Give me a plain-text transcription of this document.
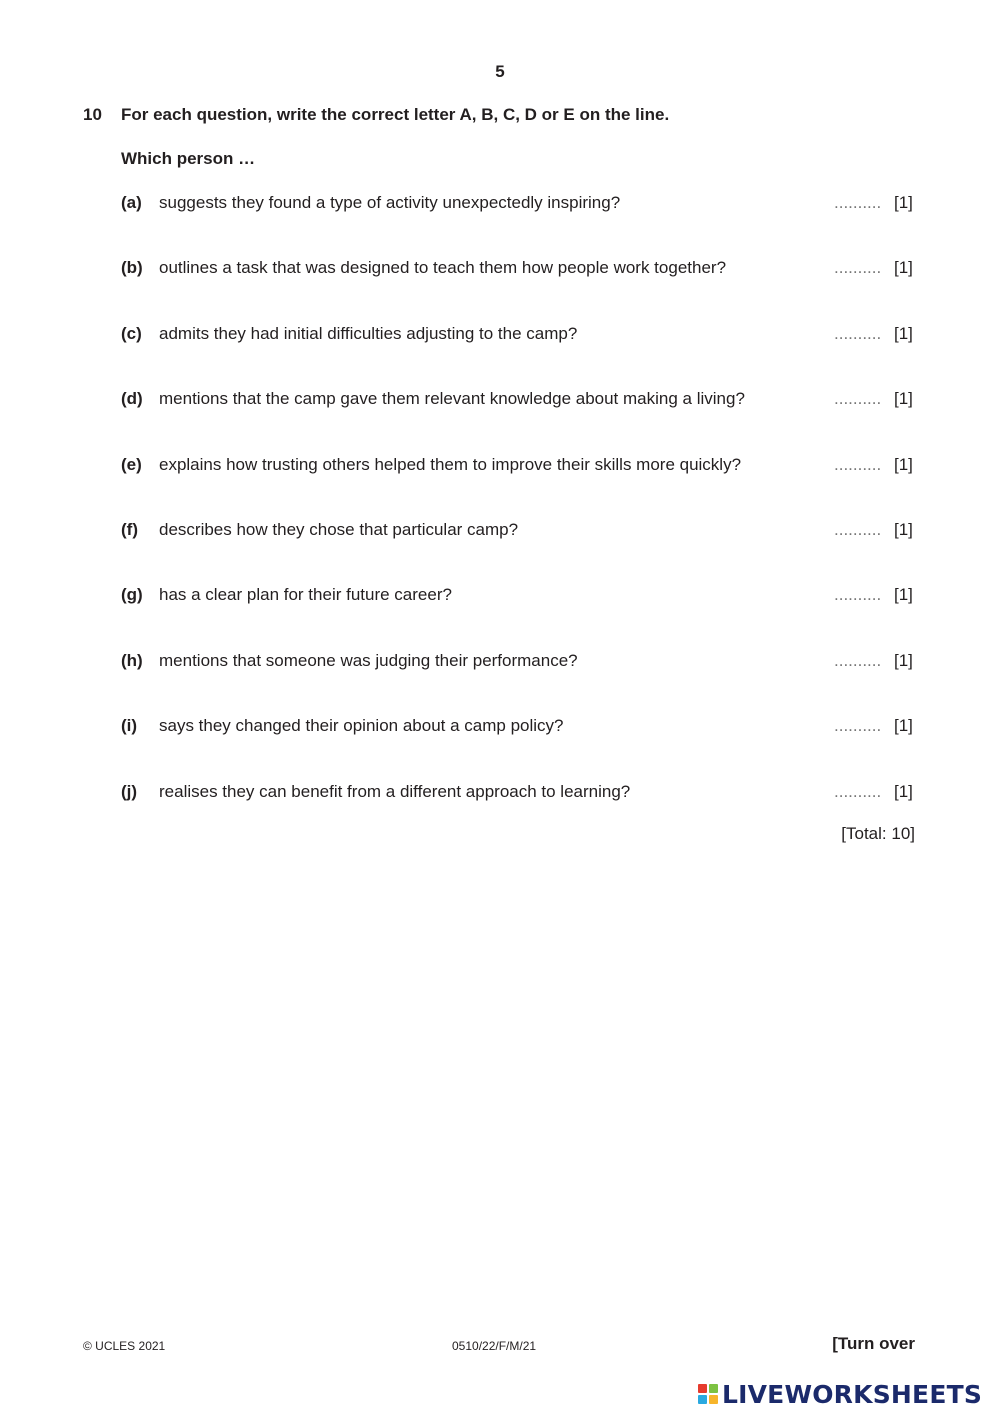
5
10 For each question, write the correct letter A, B, C, D or E on the line.
Which person …
(a) suggests they found a type of activity unexpectedly inspiring?
..........	[1]
(b) outlines a task that was designed to teach them how people work together?
..........	[1]
(c) admits they had initial difficulties adjusting to the camp?
..........	[1]
(d) mentions that the camp gave them relevant knowledge about making a living?
..........	[1]
(e) explains how trusting others helped them to improve their skills more quickly?
..........	[1]
(f) describes how they chose that particular camp?
..........	[1]
(g) has a clear plan for their future career?
..........	[1]
(h) mentions that someone was judging their performance?
..........	[1]
(i) says they changed their opinion about a camp policy?
..........	[1]
(j) realises they can benefit from a different approach to learning?
..........	[1]
[Total: 10]
© UCLES 2021	0510/22/F/M/21	[Turn over
LIVEWORKSHEETS
